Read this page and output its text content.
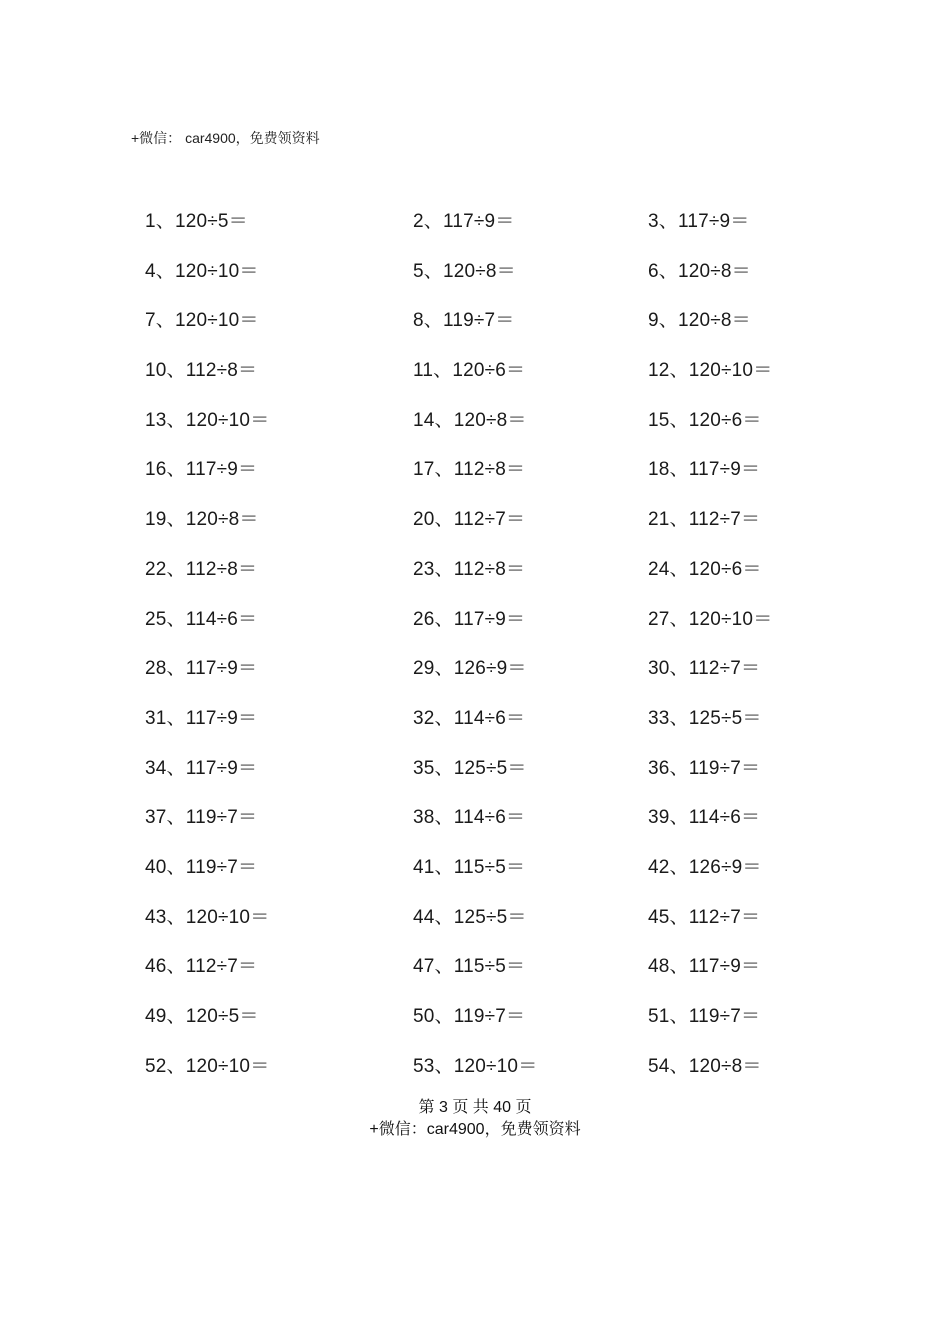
+微信： car4900，免费领资料
1、120÷5＝	2、117÷9＝	3、117÷9＝
4、120÷10＝	5、120÷8＝	6、120÷8＝
7、120÷10＝	8、119÷7＝	9、120÷8＝
10、112÷8＝	11、120÷6＝	12、120÷10＝
13、120÷10＝	14、120÷8＝	15、120÷6＝
16、117÷9＝	17、112÷8＝	18、117÷9＝
19、120÷8＝	20、112÷7＝	21、112÷7＝
22、112÷8＝	23、112÷8＝	24、120÷6＝
25、114÷6＝	26、117÷9＝	27、120÷10＝
28、117÷9＝	29、126÷9＝	30、112÷7＝
31、117÷9＝	32、114÷6＝	33、125÷5＝
34、117÷9＝	35、125÷5＝	36、119÷7＝
37、119÷7＝	38、114÷6＝	39、114÷6＝
40、119÷7＝	41、115÷5＝	42、126÷9＝
43、120÷10＝	44、125÷5＝	45、112÷7＝
46、112÷7＝	47、115÷5＝	48、117÷9＝
49、120÷5＝	50、119÷7＝	51、119÷7＝
52、120÷10＝	53、120÷10＝	54、120÷8＝
第 3 页 共 40 页
+微信：car4900，免费领资料
